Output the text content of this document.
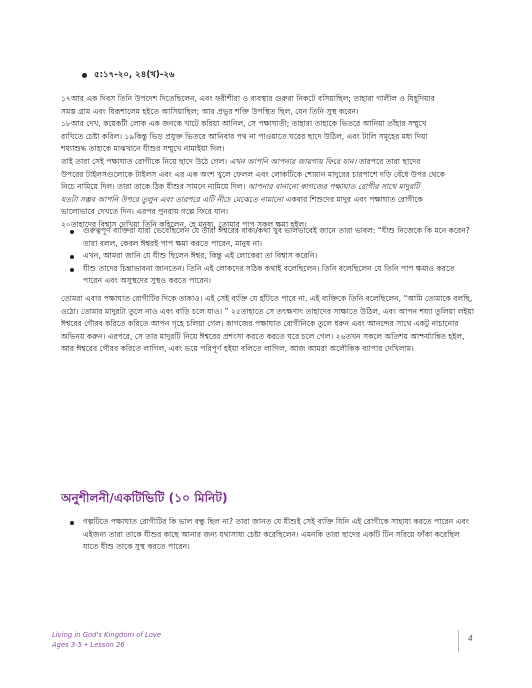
৫:১৭-২০, ২৪(খ)-২৬

১৭আর এক দিবস তিনি উপদেশ দিতেছিলেন, এবং ফরীশীরা ও ব্যবস্থার গুরুরা নিকটে বসিয়াছিল; তাহারা গালীল ও যিহূদিয়ার

সমস্ত গ্রাম এবং যিরূশালেম হইতে আসিয়াছিল; আর প্রভুর শক্তি উপস্থিত ছিল, যেন তিনি সুস্থ করেন।

১৮আর দেখ, কয়েকটী লোক এক জনকে খাটে করিয়া আনিল, সে পক্ষাঘাতী; তাহারা তাহাকে ভিতরে আনিয়া তাঁহার সম্মুখে

রাখিতে চেষ্টা করিল। ১৯কিন্তু ভিড় প্রযুক্ত ভিতরে আনিবার পথ না পাওয়াতে ঘরের ছাদে উঠিল, এবং টালি সমূহের মধ্য দিয়া

শয্যাশুদ্ধ তাহাকে মাঝখানে যীশুর সম্মুখে নামাইয়া দিল।

তাই তারা সেই পক্ষাঘাত রোগীকে নিয়ে ছাদে উঠে গেল। এখন আপনি আপনার জায়গায় ফিরে যান। তারপরে তারা ছাদের

উপরের টাইলসগুলোকে টাইলস এবং এর এক অংশ খুলে ফেলল এবং লোকটিকে শোয়ান মাদুরের চারপাশে দড়ি বেঁধে উপর থেকে

নিচে নামিয়ে দিল। তারা তাকে ঠিক যীশুর সামনে নামিয়ে দিল। আপনার বানানো কাগজের পক্ষাঘাত রোগীর সাথে মাদুরটি

যতটা সম্ভব আপনি উপরে তুলুন এবং তারপরে এটি নীচে মেঝেতে নামানো একবার শিশুদের মাদুর এবং পক্ষাঘাত রোগীকে

ভালোভাবে দেখতে দিন। এরপর পুনরায় গল্পে ফিরে যান।

২০তাহাদের বিশ্বাস দেখিয়া তিনি কহিলেন, হে মনুষ্য, তোমার পাপ সকল ক্ষমা হইল।

গুরুত্বপূর্ণ ব্যক্তিরা যারা ভেবেছিলেন যে তারা ঈশ্বরের বাক্য/কথা খুব ভালভাবেই জানে তারা ভাবল: “যীশু নিজেকে কি মনে করেন? তারা বলল, কেবল ঈশ্বরই পাপ ক্ষমা করতে পারেন, মানুষ না।
এখন, আমরা জানি যে যীশু ছিলেন ঈশ্বর, কিন্তু এই লোকেরা তা বিশ্বাস করেনি।
যীশু তাদের চিন্তাভাবনা জানতেন। তিনি এই লোকদের সঠিক কথাই বলেছিলেন। তিনি বলেছিলেন যে তিনি পাপ ক্ষমাও করতে পারেন এবং অসুস্থদের সুস্থও করতে পারেন।

তোমরা এবার পক্ষাঘাত রোগীটির দিকে তাকাও। এই সেই ব্যক্তি যে হাঁটতে পারে না. এই ব্যক্তিকে তিনি বলেছিলেন, “আমি তোমাকে বলছি, ওঠো। তোমার মাদুরটা তুলে নাও এবং বাড়ি চলে যাও। ” ২৫তাহাতে সে তৎক্ষণাৎ তাহাদের সাক্ষাতে উঠিল, এবং আপন শয্যা তুলিয়া লইয়া ঈশ্বরের গৌরব করিতে করিতে আপন গৃহে চলিয়া গেল। কাগজের পক্ষাঘাত রোগীনিকে তুলে ধরুন এবং আনন্দের সাথে একটু নাচানোর অভিনয় করুন। এরপরে, সে তার মাদুরটি নিয়ে ঈশ্বরের প্রশংসা করতে করতে ঘরে চলে গেল। ২৬তখন সকলে অতিশয় আশ্চর্য্যান্বিত হইল, আর ঈশ্বরের গৌরব করিতে লাগিল, এবং ভয়ে পরিপূর্ণ হইয়া বলিতে লাগিল, আজ আমরা অলৌকিক ব্যাপার দেখিলাম।

অনুশীলনী/একটিভিটি (১০ মিনিট)
গল্পটিতে পক্ষাঘাত রোগীটির কি ভাল বন্ধু ছিল না? তারা জানত যে যীশুই সেই ব্যক্তি যিনি এই রোগীকে সাহায্য করতে পারেন এবং এইজন্য তারা তাকে যীশুর কাছে আনার জন্য যথাসাধ্য চেষ্টা করেছিলেন। এমনকি তারা ছাদের একটি টিন সরিয়ে ফাঁকা করেছিল যাতে যীশু তাকে সুস্থ করতে পারেন।
Living in God's Kingdom of Love
Ages 3-5 • Lesson 26
4
